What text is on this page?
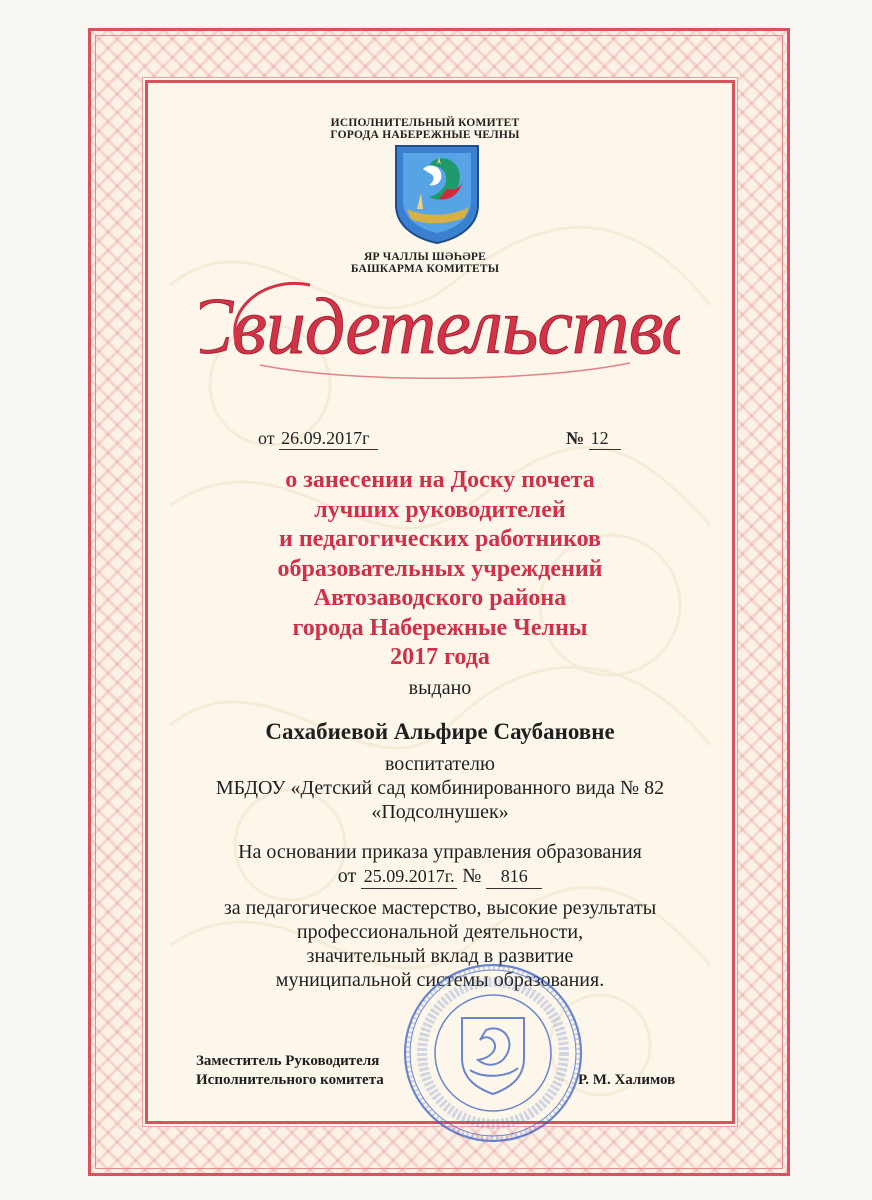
ИСПОЛНИТЕЛЬНЫЙ КОМИТЕТ
ГОРОДА НАБЕРЕЖНЫЕ ЧЕЛНЫ
ЯР ЧАЛЛЫ ШӘҺӘРЕ
БАШКАРМА КОМИТЕТЫ
Свидетельство
от 26.09.2017г	№ 12
о занесении на Доску почета
лучших руководителей
и педагогических работников
образовательных учреждений
Автозаводского района
города Набережные Челны
2017 года
выдано
Сахабиевой Альфире Саубановне
воспитателю
МБДОУ «Детский сад комбинированного вида № 82
«Подсолнушек»
На основании приказа управления образования
от 25.09.2017г. № 816
за педагогическое мастерство, высокие результаты
профессиональной деятельности,
значительный вклад в развитие
муниципальной системы образования.
Заместитель Руководителя
Исполнительного комитета	Р. М. Халимов
